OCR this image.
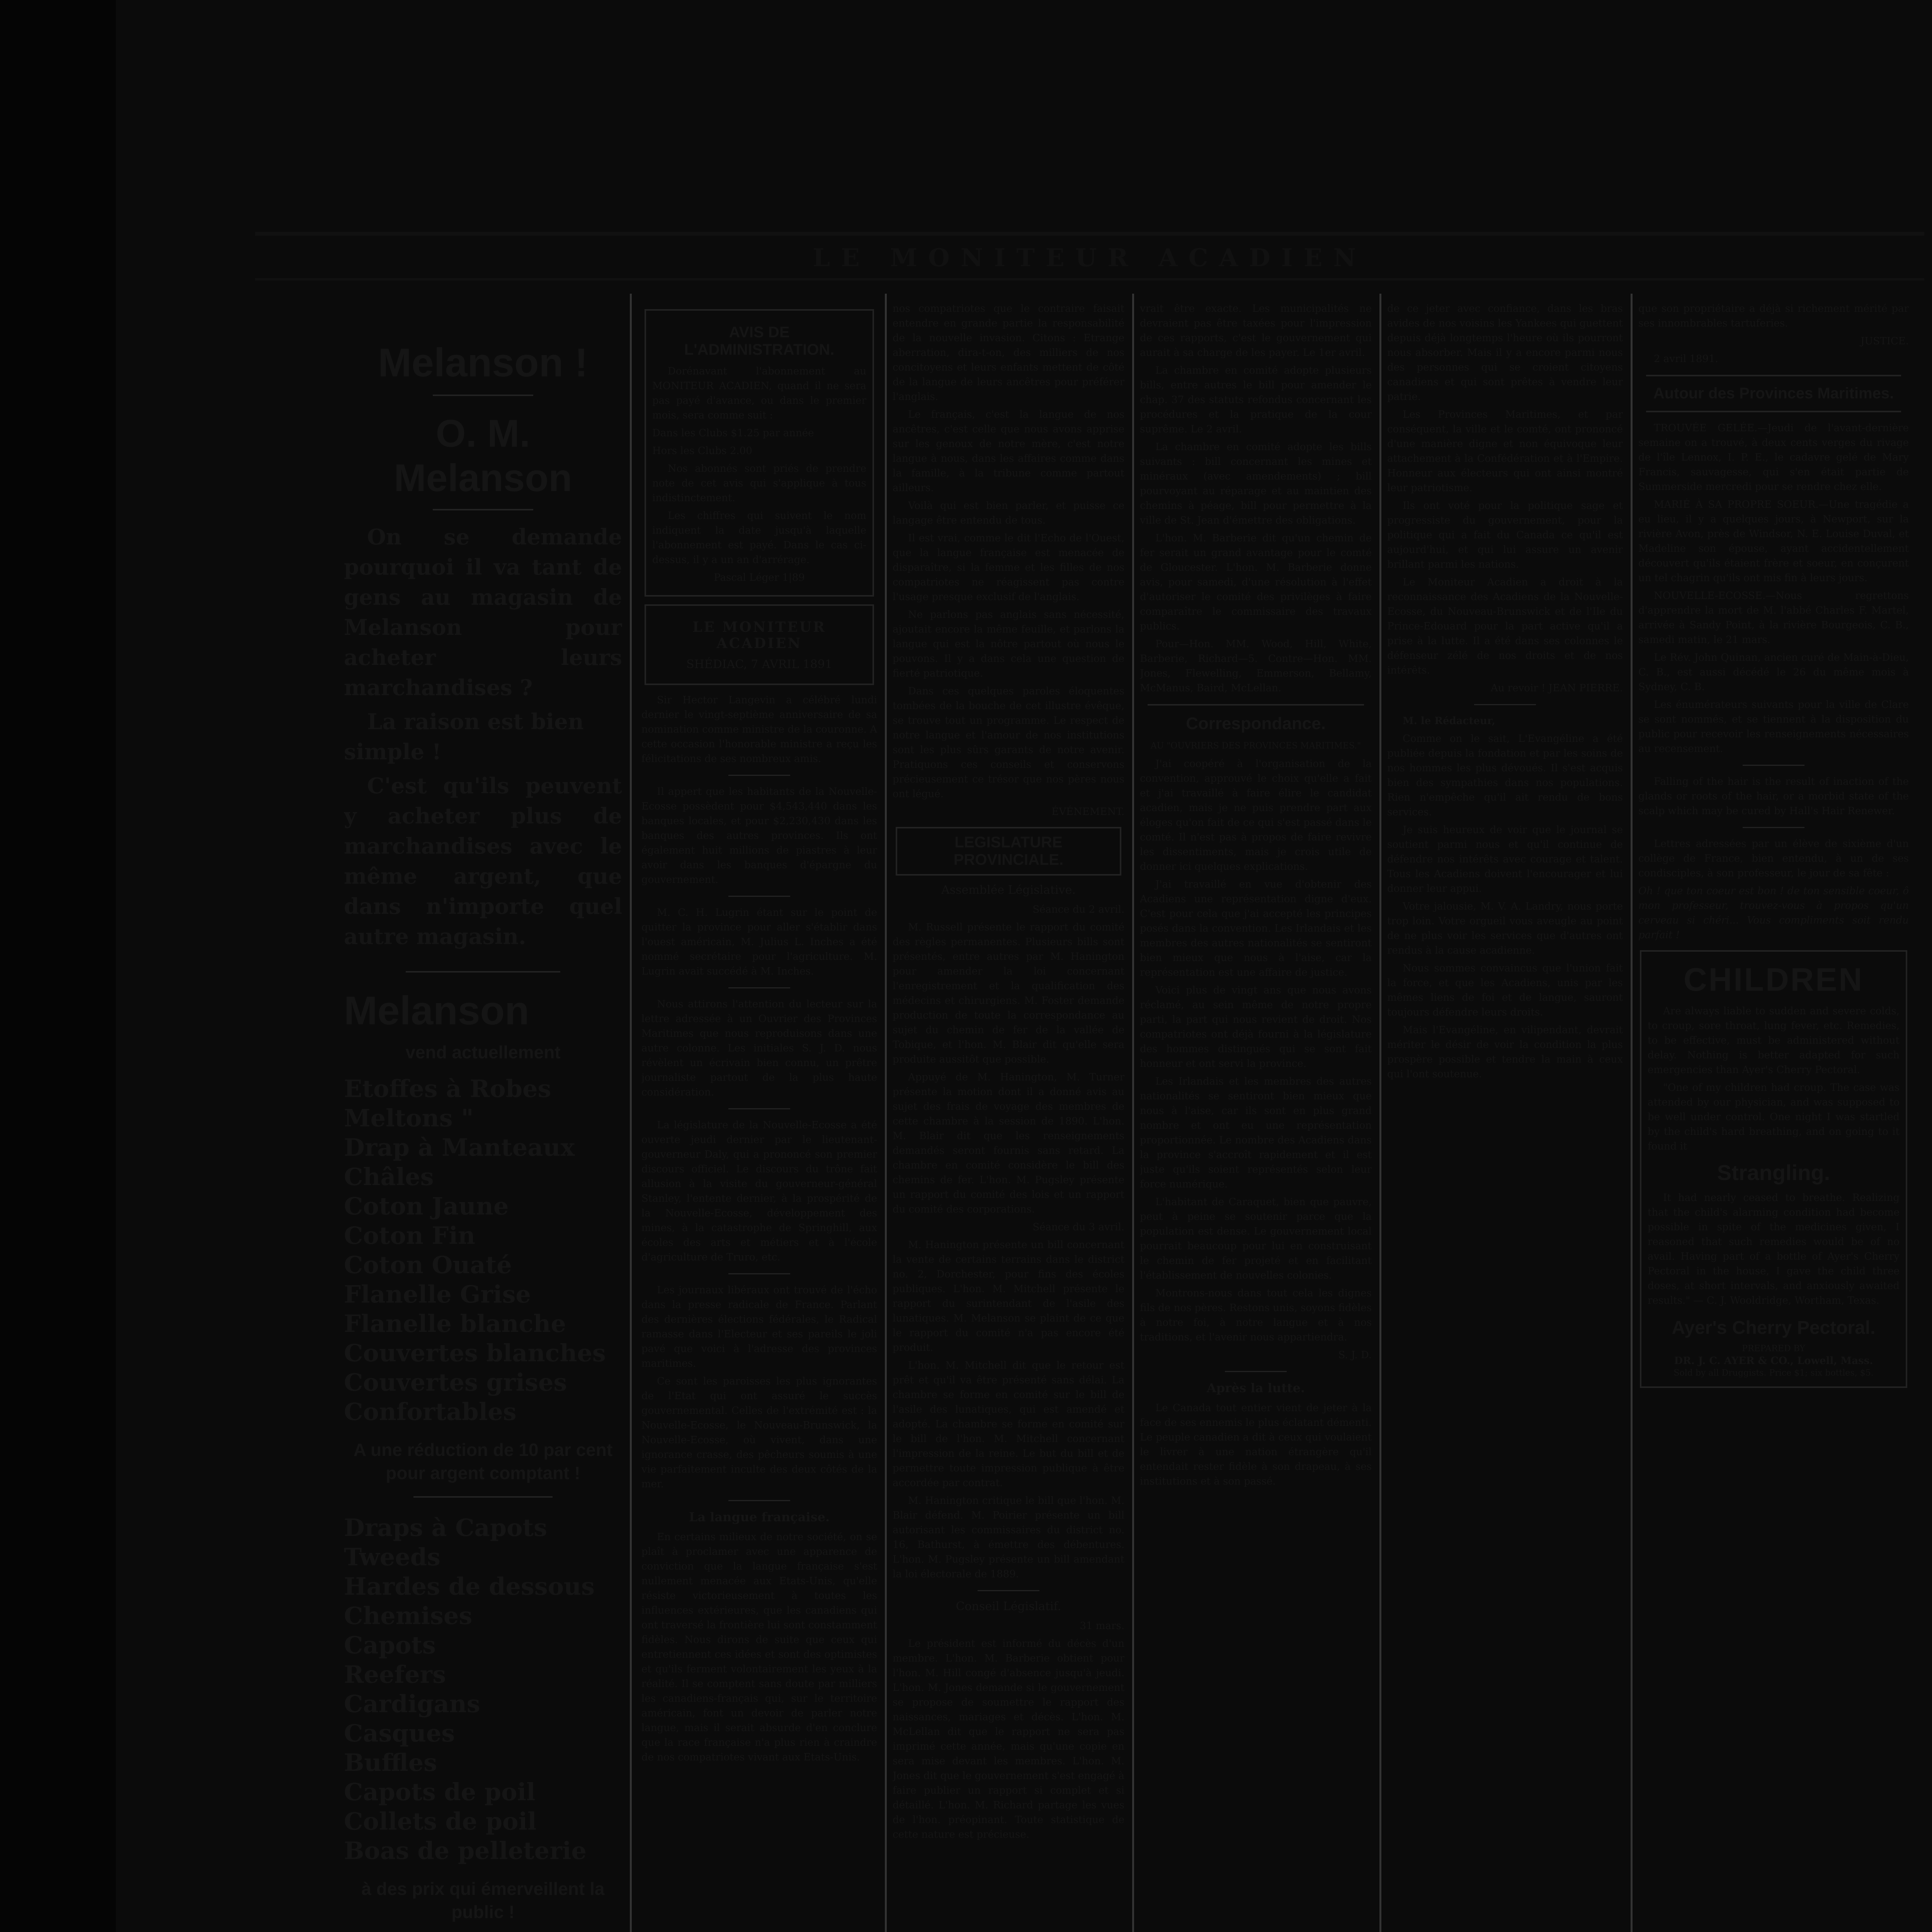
LE MONITEUR ACADIEN
Melanson !
O. M. Melanson

On se demande pourquoi il va tant de gens au magasin de Melanson pour acheter leurs marchandises ?

La raison est bien simple !

C'est qu'ils peuvent y acheter plus de marchandises avec le même argent, que dans n'importe quel autre magasin.

Melanson
vend actuellement

Etoffes à Robes

Meltons "

Drap à Manteaux

Châles

Coton Jaune

Coton Fin

Coton Ouaté

Flanelle Grise

Flanelle blanche

Couvertes blanches

Couvertes grises

Confortables

A une réduction de 10 par cent pour argent comptant !

Draps à Capots

Tweeds

Hardes de dessous

Chemises

Capots

Reefers

Cardigans

Casques

Buffles

Capots de poil

Collets de poil

Boas de pelleterie

à des prix qui émerveillent la public !

AVIS DE L'ADMINISTRATION.

Dorénavant l'abonnement au MONITEUR ACADIEN, quand il ne sera pas payé d'avance, ou dans le premier mois, sera comme suit :

Dans les Clubs $1.25 par année

Hors les Clubs 2.00

Nos abonnés sont priés de prendre note de cet avis qui s'applique à tous indistinctement.

Les chiffres qui suivent le nom indiquent la date jusqu'à laquelle l'abonnement est payé. Dans le cas ci-dessus, il y a un an d'arrérage.

Pascal Léger 1|89

LE MONITEUR ACADIEN
SHÉDIAC, 7 AVRIL 1891

Sir Hector Langevin a célébré lundi dernier le vingt-septième anniversaire de sa nomination comme ministre de la couronne. A cette occasion l'honorable ministre a reçu les félicitations de ses nombreux amis.

Il appert que les habitants de la Nouvelle-Ecosse possèdent pour $4,543,440 dans les banques locales, et pour $2,230,430 dans les banques des autres provinces. Ils ont également huit millions de piastres à leur avoir dans les banques d'épargne du gouvernement.

M. C. H. Lugrin étant sur le point de quitter la province pour aller s'établir dans l'ouest américain, M. Julius L. Inches a été nommé secrétaire pour l'agriculture. M. Lugrin avait succédé à M. Inches.

Nous attirons l'attention du lecteur sur la lettre adressée à un Ouvrier des Provinces Maritimes que nous reproduisons dans une autre colonne. Les initiales S. J. D. nous révèlent un écrivain bien connu, un prêtre journaliste partout de la plus haute considération.

La législature de la Nouvelle-Ecosse a été ouverte jeudi dernier par le lieutenant-gouverneur Daly, qui a prononcé son premier discours officiel. Le discours du trône fait allusion à la visite du gouverneur-général Stanley, l'entente dernier, à la prospérité de la Nouvelle-Ecosse, développement des mines, à la catastrophe de Springhill, aux écoles des arts et métiers et à l'école d'agriculture de Truro, etc.

Les journaux libéraux ont trouvé de l'écho dans la presse radicale de France. Parlant des dernières élections fédérales, le Radical ramasse dans l'Electeur et ses pareils le joli pavé que voici à l'adresse des provinces maritimes.

Ce sont les paroisses les plus ignorantes de l'Etat qui ont assuré le succès gouvernemental. Celles de l'extrémité est : la Nouvelle-Ecosse, le Nouveau-Brunswick, la Nouvelle-Ecosse, où vivent, dans une ignorance crasse, des pêcheurs soumis à une vie parfaitement inculte des deux côtés de la mer.

La langue française.

En certains milieux de notre société, on se plaît à proclamer avec une apparence de conviction que la langue française s'est nullement menacée aux Etats-Unis, qu'elle résiste victorieusement à toutes les influences extérieures, que les canadiens qui ont traversé la frontière lui sont constamment fidèles. Nous dirons de suite que ceux qui entretiennent ces idées et sont des optimistes et qu'ils ferment volontairement les yeux à la réalité. Il se comptent sans doute par milliers les canadiens-français qui, sur le territoire américain, font un devoir de parler notre langue, mais il serait absurde d'en conclure que la race française n'a plus rien à craindre de nos compatriotes vivant aux Etats-Unis.

nos compatriotes que le contraire faisait entendre en grande partie la responsabilité de la nouvelle invasion. Citons : Etrange aberration, dira-t-on, des milliers de nos concitoyens et leurs enfants mettent de côté de la langue de leurs ancêtres pour préférer l'anglais.

Le français, c'est la langue de nos ancêtres, c'est celle que nous avons apprise sur les genoux de notre mère, c'est notre langue à nous, dans les affaires comme dans la famille, à la tribune comme partout ailleurs.

Voilà qui est bien parler, et puisse ce langage être entendu de tous.

Il est vrai, comme le dit l'Echo de l'Ouest, que la langue française est menacée de disparaître, si la femme et les filles de nos compatriotes ne réagissent pas contre l'usage presque exclusif de l'anglais.

Ne parlons pas anglais sans nécessité, ajoutait encore la même feuille, et parlons la langue qui est la nôtre partout où nous le pouvons. Il y a dans cela une question de fierté patriotique.

Dans ces quelques paroles éloquentes tombées de la bouche de cet illustre évêque, se trouve tout un programme. Le respect de notre langue et l'amour de nos institutions sont les plus sûrs garants de notre avenir. Pratiquons ces conseils et conservons précieusement ce trésor que nos pères nous ont légué.

ÉVÉNEMENT.

LEGISLATURE PROVINCIALE.
Assemblée Législative.

Séance du 2 avril.

M. Russell présente le rapport du comité des règles permanentes. Plusieurs bills sont présentés, entre autres par M. Hanington pour amender la loi concernant l'enregistrement et la qualification des médecins et chirurgiens. M. Foster demande production de toute la correspondance au sujet du chemin de fer de la vallée de Tobique, et l'hon. M. Blair dit qu'elle sera produite aussitôt que possible.

Appuyé de M. Hanington, M. Turner présente la motion dont il a donné avis au sujet des frais de voyage des membres de cette chambre à la session de 1890. L'hon. M. Blair dit que les renseignements demandés seront fournis sans retard. La chambre en comité considère le bill des chemins de fer. L'hon. M. Pugsley présente un rapport du comité des lois et un rapport du comité des corporations.

Séance du 3 avril.

M. Hanington présente un bill concernant la vente de certains terrains dans le district no. 2, Dorchester, pour fins des écoles publiques. L'hon. M. Mitchell présente le rapport du surintendant de l'asile des lunatiques. M. Melanson se plaint de ce que le rapport du comité n'a pas encore été produit.

L'hon. M. Mitchell dit que le retour est prêt et qu'il va être présenté sans délai. La chambre se forme en comité sur le bill de l'asile des lunatiques, qui est amendé et adopté. La chambre se forme en comité sur le bill de l'hon. M. Mitchell concernant l'impression de la reine. Le but du bill et de permettre toute impression publique à être accordée par contrat.

M. Hanington critique le bill que l'hon. M. Blair défend. M. Poirier présente un bill autorisant les commissaires du district no. 16, Bathurst, à émettre des débentures. L'hon. M. Pugsley présente un bill amendant la loi électorale de 1889.

Conseil Législatif.

31 mars.

Le président est informé du décès d'un membre. L'hon. M. Barberie obtient pour l'hon. M. Hill congé d'absence jusqu'à jeudi. L'hon. M. Jones demande si le gouvernement se propose de soumettre le rapport des naissances, mariages et décès. L'hon. M. McLellan dit que le rapport ne sera pas imprimé cette année, mais qu'une copie en sera mise devant les membres. L'hon. M. Jones dit que le gouvernement s'est engagé à faire publier un rapport si complet et si détaillé. L'hon. M. Richard partage les vues de l'hon. préopinant. Toute statistique de cette nature est précieuse.

vrait être exacte. Les municipalités ne devraient pas être taxées pour l'impression de ces rapports, c'est le gouvernement qui aurait à sa charge de les payer. Le 1er avril.

La chambre en comité adopte plusieurs bills, entre autres le bill pour amender le chap. 37 des statuts refondus concernant les procédures et la pratique de la cour suprême. Le 2 avril.

La chambre en comité adopte les bills suivants : bill concernant les mines et minéraux (avec amendements) ; bill pourvoyant au réparage et au maintien des chemins à péage, bill pour permettre à la ville de St. Jean d'émettre des obligations.

L'hon. M. Barberie dit qu'un chemin de fer serait un grand avantage pour le comté de Gloucester. L'hon. M. Barberie donne avis, pour samedi, d'une résolution à l'effet d'autoriser le comité des privilèges à faire comparaître le commissaire des travaux publics.

Pour—Hon. MM. Wood, Hill, White, Barberie, Richard—5. Contre—Hon. MM. Jones, Flewelling, Emmerson, Bellamy, McManus, Baird, McLellan.

Correspondance.

AU "OUVRIERS DES PROVINCES MARITIMES."

J'ai coopéré à l'organisation de la convention, approuvé le choix qu'elle a fait et j'ai travaillé à faire élire le candidat acadien, mais je ne puis prendre part aux éloges qu'on fait de ce qui s'est passé dans le comté. Il n'est pas à propos de faire revivre les dissentiments, mais je crois utile de donner ici quelques explications.

J'ai travaillé en vue d'obtenir des Acadiens une représentation digne d'eux. C'est pour cela que j'ai accepté les principes posés dans la convention. Les Irlandais et les membres des autres nationalités se sentiront bien mieux que nous à l'aise, car la représentation est une affaire de justice.

Voici plus de vingt ans que nous avons réclamé, au sein même de notre propre parti, la part qui nous revient de droit. Nos compatriotes ont déjà fourni à la législature des hommes distingués qui se sont fait honneur et ont servi la province.

Les Irlandais et les membres des autres nationalités se sentiront bien mieux que nous à l'aise, car ils sont en plus grand nombre et ont eu une représentation proportionnée. Le nombre des Acadiens dans la province s'accroît rapidement et il est juste qu'ils soient représentés selon leur force numérique.

L'habitant de Caraquet, bien que pauvre, peut à peine se soutenir parce que la population est dense. Le gouvernement local pourrait beaucoup pour lui en construisant le chemin de fer projeté et en facilitant l'établissement de nouvelles colonies.

Montrons-nous dans tout cela les dignes fils de nos pères. Restons unis, soyons fidèles à notre foi, à notre langue et à nos traditions, et l'avenir nous appartiendra.

S. J. D.

Après la lutte.

Le Canada tout entier vient de jeter à la face de ses ennemis le plus éclatant démenti. Le peuple canadien a dit à ceux qui voulaient le livrer à une nation étrangère qu'il entendait rester fidèle à son drapeau, à ses institutions et à son passé.

de ce jeter avec confiance, dans les bras avides de nos voisins les Yankees qui guettent depuis déjà longtemps l'heure où ils pourront nous absorber. Mais il y a encore parmi nous des personnes qui se croient citoyens canadiens et qui sont prêtes à vendre leur patrie.

Les Provinces Maritimes, et par conséquent, la ville et le comté, ont prononcé d'une manière digne et non équivoque leur attachement à la Confédération et à l'Empire. Honneur aux électeurs qui ont ainsi montré leur patriotisme.

Ils ont voté pour la politique sage et progressiste du gouvernement, pour la politique qui a fait du Canada ce qu'il est aujourd'hui, et qui lui assure un avenir brillant parmi les nations.

Le Moniteur Acadien a droit à la reconnaissance des Acadiens de la Nouvelle-Ecosse, du Nouveau-Brunswick et de l'Ile du Prince-Edouard pour la part active qu'il a prise à la lutte. Il a été dans ses colonnes le défenseur zélé de nos droits et de nos intérêts.

Au revoir ! JEAN PIERRE.

M. le Rédacteur,

Comme on le sait, L'Evangéline a été publiée depuis la fondation et par les soins de nos hommes les plus dévoués. Il s'est acquis bien des sympathies dans nos populations. Rien n'empêche qu'il ait rendu de bons services.

Je suis heureux de voir que le journal se soutient parmi nous et qu'il continue de défendre nos intérêts avec courage et talent. Tous les Acadiens doivent l'encourager et lui donner leur appui.

Votre jalousie, M. V. A. Landry, nous porte trop loin. Votre orgueil vous aveugle au point de ne plus voir les services que d'autres ont rendus à la cause acadienne.

Nous sommes convaincus que l'union fait la force, et que les Acadiens, unis par les mêmes liens de foi et de langue, sauront toujours défendre leurs droits.

Mais l'Evangéline, en vilipendant, devrait mériter le désir de voir la condition la plus prospère possible et tendre la main à ceux qui l'ont soutenue.

que son propriétaire a déjà si richement mérité par ses innombrables tartuferies.

JUSTICE.

2 avril 1891.

Autour des Provinces Maritimes.

TROUVÉE GELÉE.—Jeudi de l'avant-dernière semaine on a trouvé, à deux cents verges du rivage de l'île Lennox, I. P. E., le cadavre gelé de Mary Francis, sauvagesse, qui s'en était partie de Summerside mercredi pour se rendre chez elle.

MARIÉ À SA PROPRE SOEUR.—Une tragédie a eu lieu, il y a quelques jours, à Newport, sur la rivière Avon, près de Windsor, N. E. Louise Duval, et Madeline son épouse, ayant accidentellement découvert qu'ils étaient frère et soeur, en conçurent un tel chagrin qu'ils ont mis fin à leurs jours.

NOUVELLE-ECOSSE.—Nous regrettons d'apprendre la mort de M. l'abbé Charles F. Martel, arrivée à Sandy Point, à la rivière Bourgeois, C. B., samedi matin, le 21 mars.

Le Rév. John Quinan, ancien curé de Main-à-Dieu, C. B., est aussi décédé le 26 du même mois à Sydney, C. B.

Les énumérateurs suivants pour la ville de Clare se sont nommés, et se tiennent à la disposition du public pour recevoir les renseignements nécessaires au recensement.

Falling of the hair is the result of inaction of the glands or roots of the hair, or a morbid state of the scalp which may be cured by Hall's Hair Renewer.

Lettres adressées par un élève de sixième d'un collège de France, bien entendu, à un de ses condisciples, à son professeur, le jour de sa fête :

Oh ! que ton coeur est bon ! de ton sensible coeur, ô mon professeur, trouvez-vous à propos qu'un cerveau si chéri... Vous compliments soit rendu parfait !

CHILDREN

Are always liable to sudden and severe colds, to croup, sore throat, lung fever, etc. Remedies, to be effective, must be administered without delay. Nothing is better adapted for such emergencies than Ayer's Cherry Pectoral.

"One of my children had croup. The case was attended by our physician, and was supposed to be well under control. One night I was startled by the child's hard breathing, and on going to it found it

Strangling.

It had nearly ceased to breathe. Realizing that the child's alarming condition had become possible in spite of the medicines given, I reasoned that such remedies would be of no avail. Having part of a bottle of Ayer's Cherry Pectoral in the house, I gave the child three doses, at short intervals, and anxiously awaited results." — C. J. Wooldridge, Wortham, Texas.

Ayer's Cherry Pectoral.
PREPARED BY
DR. J. C. AYER & CO., Lowell, Mass.
Sold by all Druggists. Price $1; six bottles, $5.
